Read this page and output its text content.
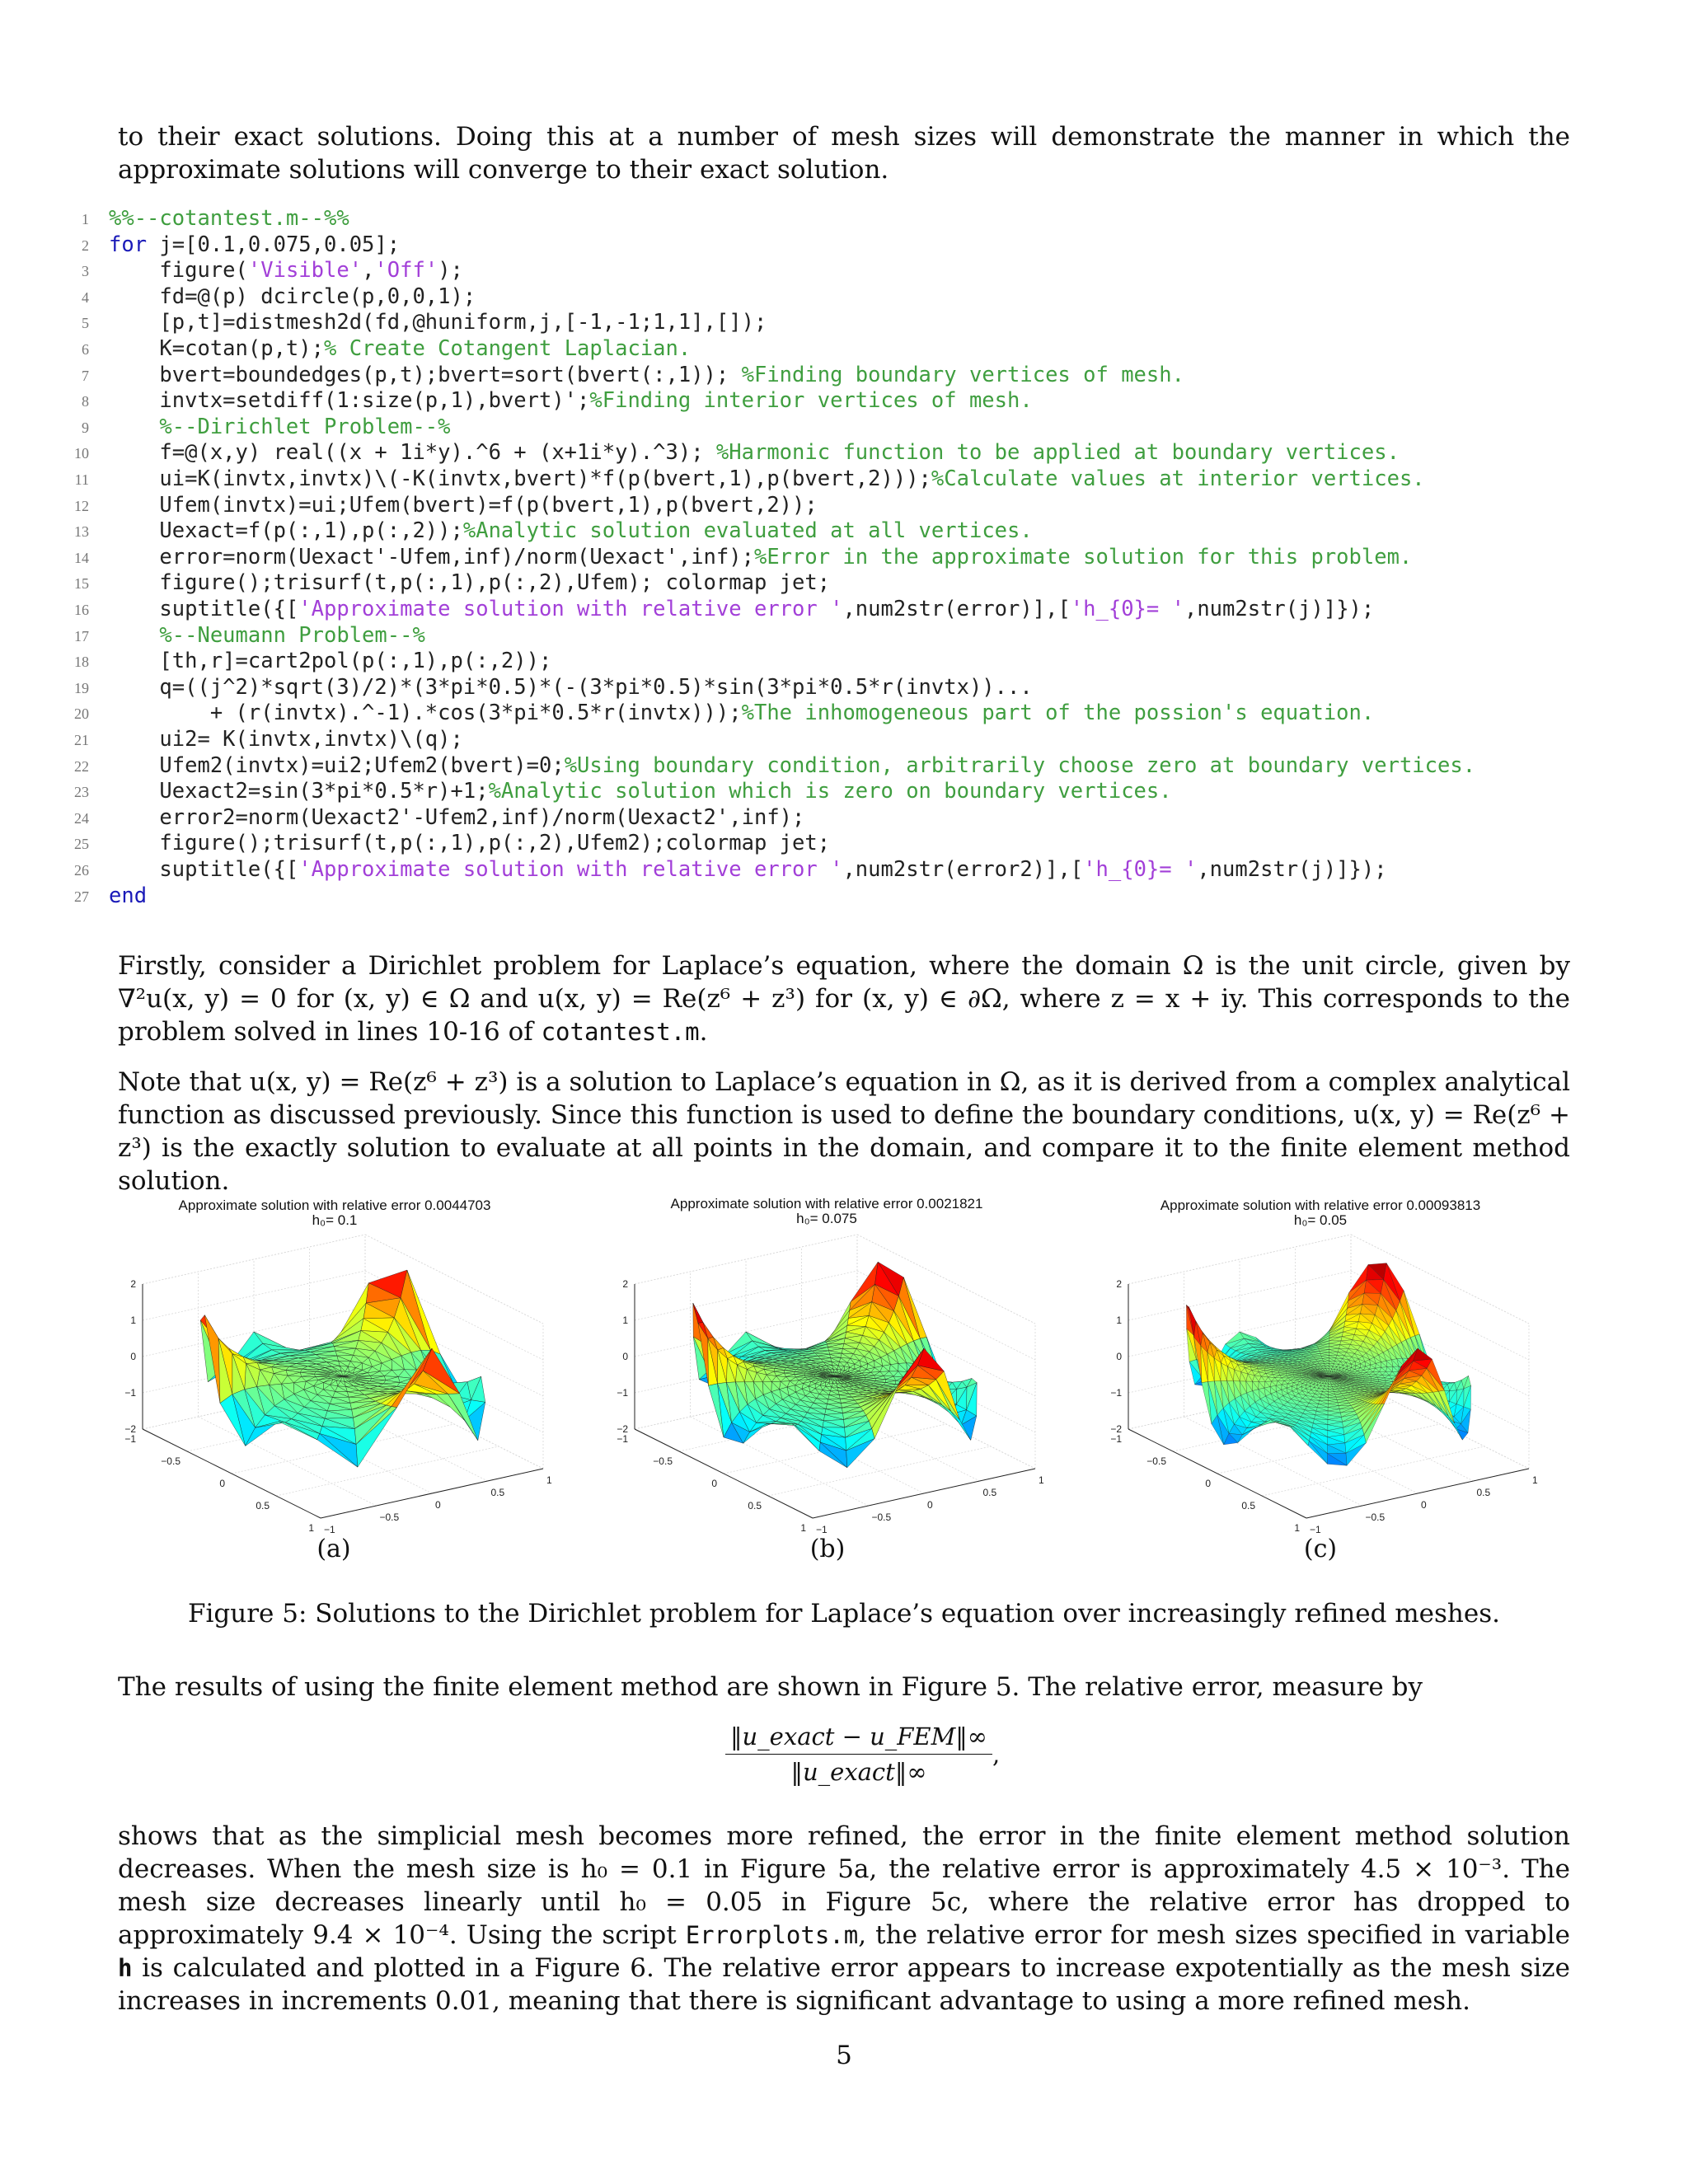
to their exact solutions. Doing this at a number of mesh sizes will demonstrate the manner in which the approximate solutions will converge to their exact solution.

1 %%--cotantest.m--%%
2 for j=[0.1,0.075,0.05];
3    figure('Visible','Off');
4    fd=@(p) dcircle(p,0,0,1);
5    [p,t]=distmesh2d(fd,@huniform,j,[-1,-1;1,1],[]);
6    K=cotan(p,t);% Create Cotangent Laplacian.
7    bvert=boundedges(p,t);bvert=sort(bvert(:,1)); %Finding boundary vertices of mesh.
8    invtx=setdiff(1:size(p,1),bvert)';%Finding interior vertices of mesh.
9    %--Dirichlet Problem--%
10    f=@(x,y) real((x + 1i*y).^6 + (x+1i*y).^3); %Harmonic function to be applied at boundary vertices.
11    ui=K(invtx,invtx)\(-K(invtx,bvert)*f(p(bvert,1),p(bvert,2)));%Calculate values at interior vertices.
12    Ufem(invtx)=ui;Ufem(bvert)=f(p(bvert,1),p(bvert,2));
13    Uexact=f(p(:,1),p(:,2));%Analytic solution evaluated at all vertices.
14    error=norm(Uexact'-Ufem,inf)/norm(Uexact',inf);%Error in the approximate solution for this problem.
15    figure();trisurf(t,p(:,1),p(:,2),Ufem); colormap jet;
16    suptitle({['Approximate solution with relative error ',num2str(error)],['h_{0}= ',num2str(j)]});
17    %--Neumann Problem--%
18    [th,r]=cart2pol(p(:,1),p(:,2));
19    q=((j^2)*sqrt(3)/2)*(3*pi*0.5)*(-(3*pi*0.5)*sin(3*pi*0.5*r(invtx))...
20        + (r(invtx).^-1).*cos(3*pi*0.5*r(invtx)));%The inhomogeneous part of the possion's equation.
21    ui2= K(invtx,invtx)\(q);
22    Ufem2(invtx)=ui2;Ufem2(bvert)=0;%Using boundary condition, arbitrarily choose zero at boundary vertices.
23    Uexact2=sin(3*pi*0.5*r)+1;%Analytic solution which is zero on boundary vertices.
24    error2=norm(Uexact2'-Ufem2,inf)/norm(Uexact2',inf);
25    figure();trisurf(t,p(:,1),p(:,2),Ufem2);colormap jet;
26    suptitle({['Approximate solution with relative error ',num2str(error2)],['h_{0}= ',num2str(j)]});
27 end

Firstly, consider a Dirichlet problem for Laplace’s equation, where the domain Ω is the unit circle, given by ∇²u(x, y) = 0 for (x, y) ∈ Ω and u(x, y) = Re(z⁶ + z³) for (x, y) ∈ ∂Ω, where z = x + iy. This corresponds to the problem solved in lines 10-16 of cotantest.m.

Note that u(x, y) = Re(z⁶ + z³) is a solution to Laplace’s equation in Ω, as it is derived from a complex analytical function as discussed previously. Since this function is used to define the boundary conditions, u(x, y) = Re(z⁶ + z³) is the exactly solution to evaluate at all points in the domain, and compare it to the finite element method solution.

Approximate solution with relative error 0.0044703
h₀= 0.1
2
1
0
−1
−2
1
0.5
0
−0.5
−1
−1
−0.5
0
0.5
1
Approximate solution with relative error 0.0021821
h₀= 0.075
2
1
0
−1
−2
1
0.5
0
−0.5
−1
−1
−0.5
0
0.5
1
Approximate solution with relative error 0.00093813
h₀= 0.05
2
1
0
−1
−2
1
0.5
0
−0.5
−1
−1
−0.5
0
0.5
1
(a)	(b)	(c)
Figure 5: Solutions to the Dirichlet problem for Laplace’s equation over increasingly refined meshes.

The results of using the finite element method are shown in Figure 5. The relative error, measure by

‖u_exact − u_FEM‖∞
‖u_exact‖∞
,

shows that as the simplicial mesh becomes more refined, the error in the finite element method solution decreases. When the mesh size is h₀ = 0.1 in Figure 5a, the relative error is approximately 4.5 × 10⁻³. The mesh size decreases linearly until h₀ = 0.05 in Figure 5c, where the relative error has dropped to approximately 9.4 × 10⁻⁴. Using the script Errorplots.m, the relative error for mesh sizes specified in variable h is calculated and plotted in a Figure 6. The relative error appears to increase expotentially as the mesh size increases in increments 0.01, meaning that there is significant advantage to using a more refined mesh.

5
